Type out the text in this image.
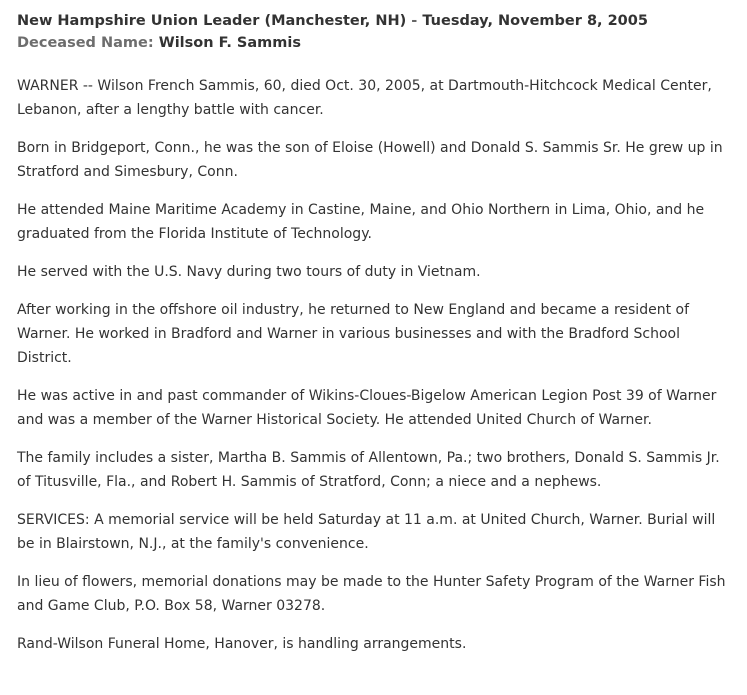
New Hampshire Union Leader (Manchester, NH) - Tuesday, November 8, 2005
Deceased Name: Wilson F. Sammis

WARNER -- Wilson French Sammis, 60, died Oct. 30, 2005, at Dartmouth-Hitchcock Medical Center, Lebanon, after a lengthy battle with cancer.

Born in Bridgeport, Conn., he was the son of Eloise (Howell) and Donald S. Sammis Sr. He grew up in Stratford and Simesbury, Conn.

He attended Maine Maritime Academy in Castine, Maine, and Ohio Northern in Lima, Ohio, and he graduated from the Florida Institute of Technology.

He served with the U.S. Navy during two tours of duty in Vietnam.

After working in the offshore oil industry, he returned to New England and became a resident of Warner. He worked in Bradford and Warner in various businesses and with the Bradford School District.

He was active in and past commander of Wikins-Cloues-Bigelow American Legion Post 39 of Warner and was a member of the Warner Historical Society. He attended United Church of Warner.

The family includes a sister, Martha B. Sammis of Allentown, Pa.; two brothers, Donald S. Sammis Jr. of Titusville, Fla., and Robert H. Sammis of Stratford, Conn; a niece and a nephews.

SERVICES: A memorial service will be held Saturday at 11 a.m. at United Church, Warner. Burial will be in Blairstown, N.J., at the family's convenience.

In lieu of flowers, memorial donations may be made to the Hunter Safety Program of the Warner Fish and Game Club, P.O. Box 58, Warner 03278.

Rand-Wilson Funeral Home, Hanover, is handling arrangements.
